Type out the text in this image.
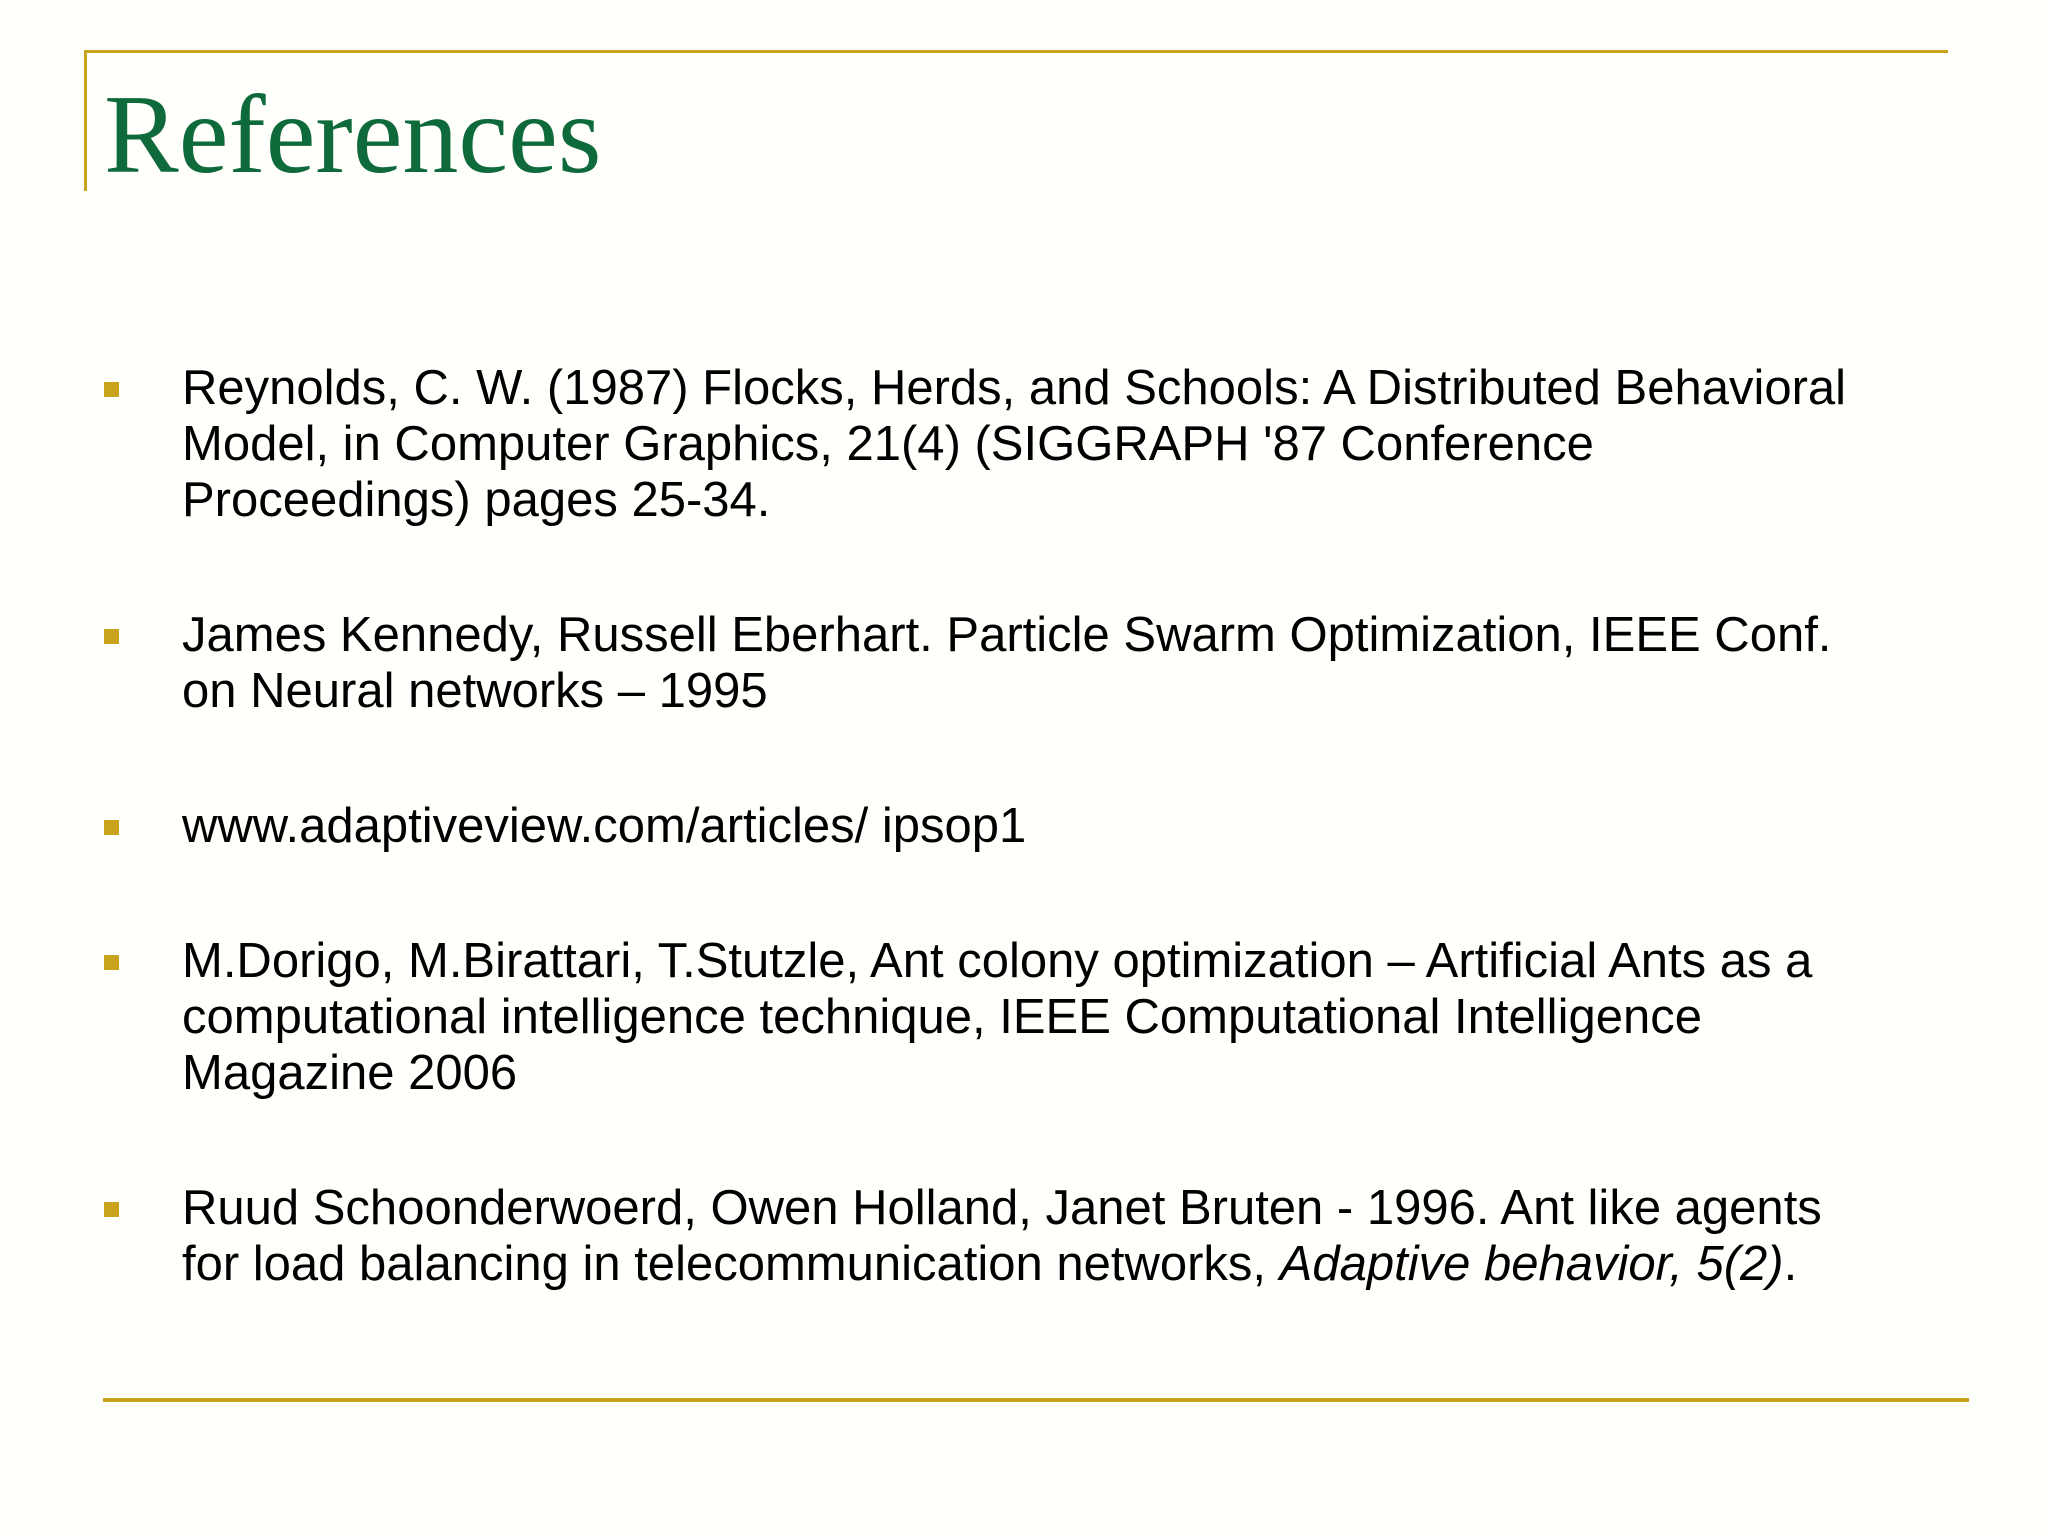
References
Reynolds, C. W. (1987) Flocks, Herds, and Schools: A Distributed Behavioral
Model, in Computer Graphics, 21(4) (SIGGRAPH '87 Conference
Proceedings) pages 25-34.
James Kennedy, Russell Eberhart. Particle Swarm Optimization, IEEE Conf.
on Neural networks – 1995
www.adaptiveview.com/articles/ ipsop1
M.Dorigo, M.Birattari, T.Stutzle, Ant colony optimization – Artificial Ants as a
computational intelligence technique, IEEE Computational Intelligence
Magazine 2006
Ruud Schoonderwoerd, Owen Holland, Janet Bruten - 1996. Ant like agents
for load balancing in telecommunication networks, Adaptive behavior, 5(2).
